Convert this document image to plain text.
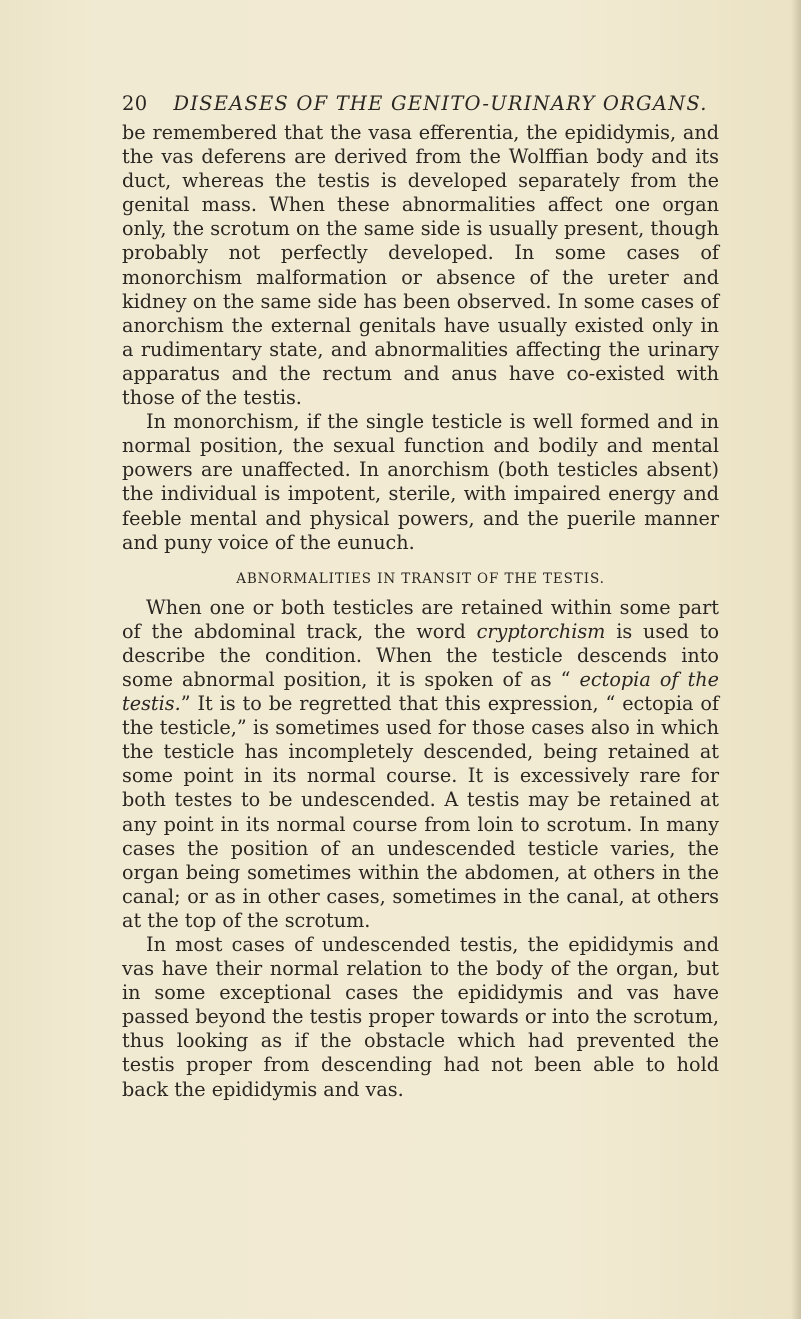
20 DISEASES OF THE GENITO-URINARY ORGANS.

be remembered that the vasa efferentia, the epididymis, and the vas deferens are derived from the Wolffian body and its duct, whereas the testis is developed separately from the genital mass. When these abnormalities affect one organ only, the scrotum on the same side is usually present, though probably not perfectly developed. In some cases of monorchism malformation or absence of the ureter and kidney on the same side has been observed. In some cases of anorchism the external genitals have usually existed only in a rudimentary state, and abnormalities affecting the urinary apparatus and the rectum and anus have co-existed with those of the testis.

In monorchism, if the single testicle is well formed and in normal position, the sexual function and bodily and mental powers are unaffected. In anorchism (both testicles absent) the individual is impotent, sterile, with impaired energy and feeble mental and physical powers, and the puerile manner and puny voice of the eunuch.

ABNORMALITIES IN TRANSIT OF THE TESTIS.

When one or both testicles are retained within some part of the abdominal track, the word cryptorchism is used to describe the condition. When the testicle descends into some abnormal position, it is spoken of as “ ectopia of the testis.” It is to be regretted that this expression, “ ectopia of the testicle,” is sometimes used for those cases also in which the testicle has incompletely descended, being retained at some point in its normal course. It is excessively rare for both testes to be undescended. A testis may be retained at any point in its normal course from loin to scrotum. In many cases the position of an undescended testicle varies, the organ being sometimes within the abdomen, at others in the canal; or as in other cases, sometimes in the canal, at others at the top of the scrotum.

In most cases of undescended testis, the epididymis and vas have their normal relation to the body of the organ, but in some exceptional cases the epididymis and vas have passed beyond the testis proper towards or into the scrotum, thus looking as if the obstacle which had prevented the testis proper from descending had not been able to hold back the epididymis and vas.
